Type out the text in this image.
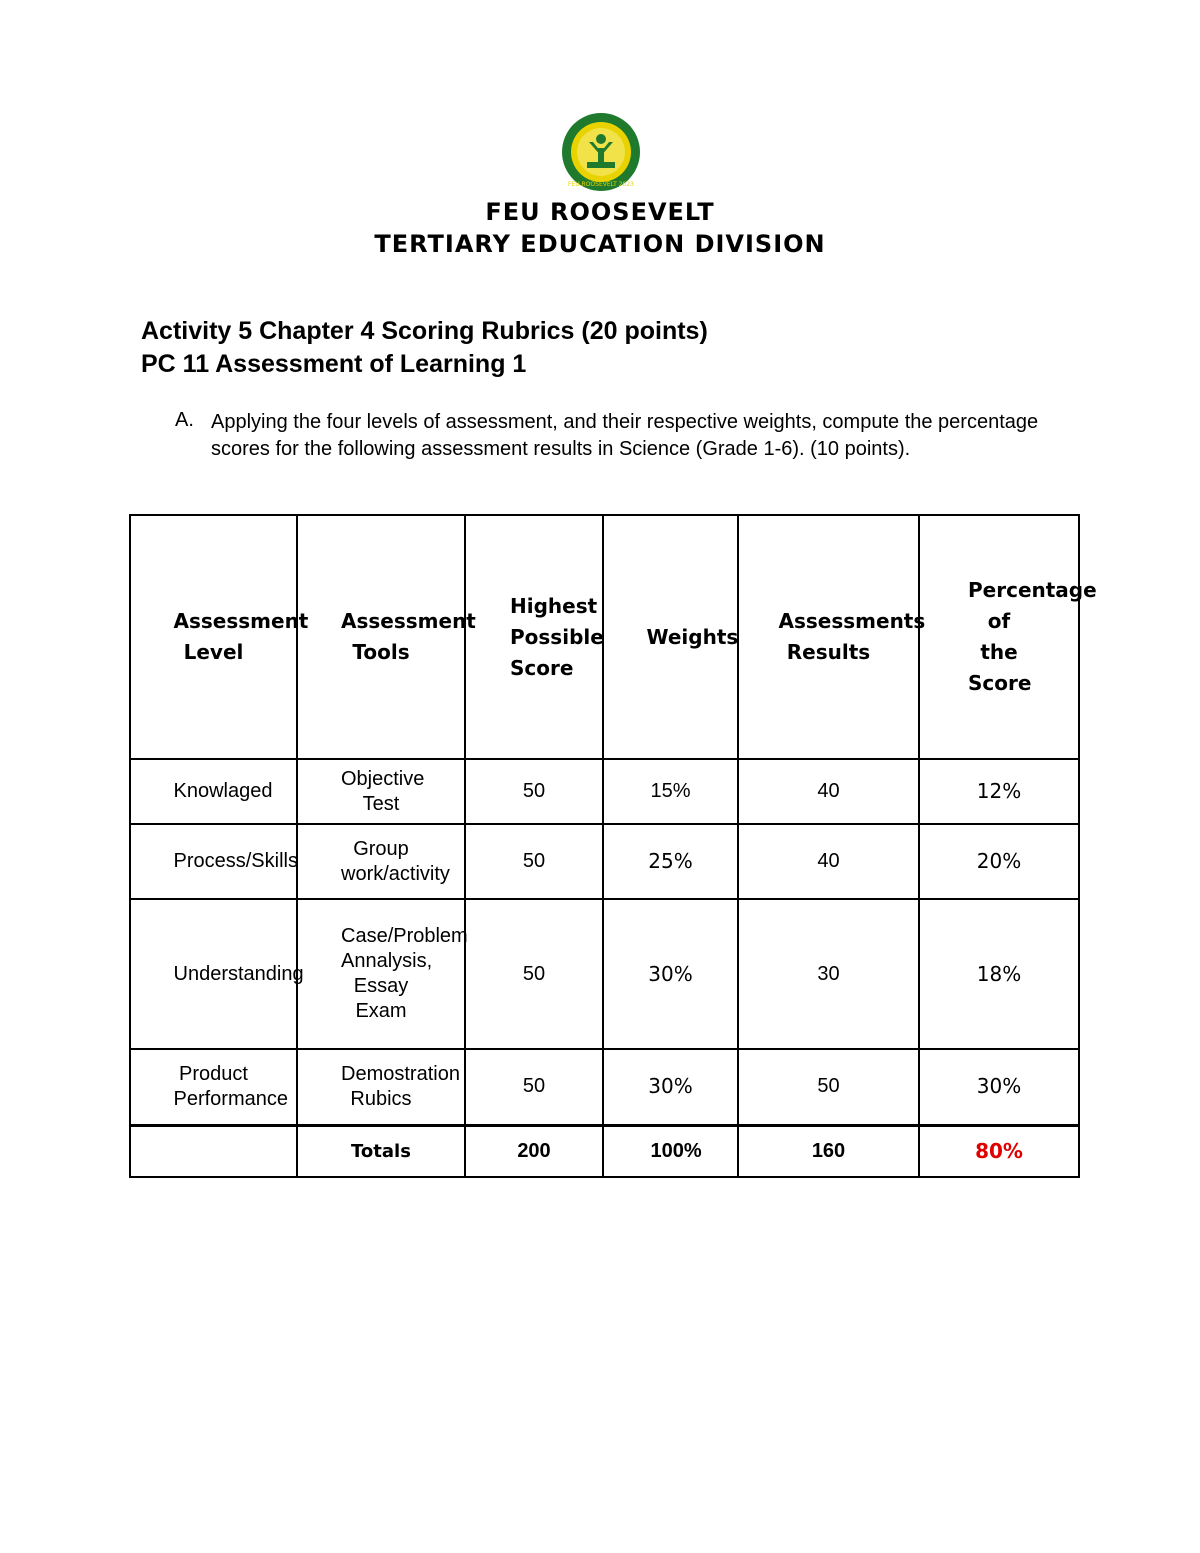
FEU ROOSEVELT 2023
FEU ROOSEVELT
TERTIARY EDUCATION DIVISION
Activity 5 Chapter 4 Scoring Rubrics (20 points)
PC 11 Assessment of Learning 1
A. Applying the four levels of assessment, and their respective weights, compute the percentage scores for the following assessment results in Science (Grade 1-6). (10 points).
Assessment Level	Assessment Tools	Highest Possible Score	Weights	Assessments Results	Percentage of the Score
Knowlaged	Objective Test	50	15%	40	12%
Process/Skills	Group work/activity	50	25%	40	20%
Understanding	Case/Problem Annalysis, Essay Exam	50	30%	30	18%
Product Performance	Demostration Rubics	50	30%	50	30%
	Totals	200	100%	160	80%
